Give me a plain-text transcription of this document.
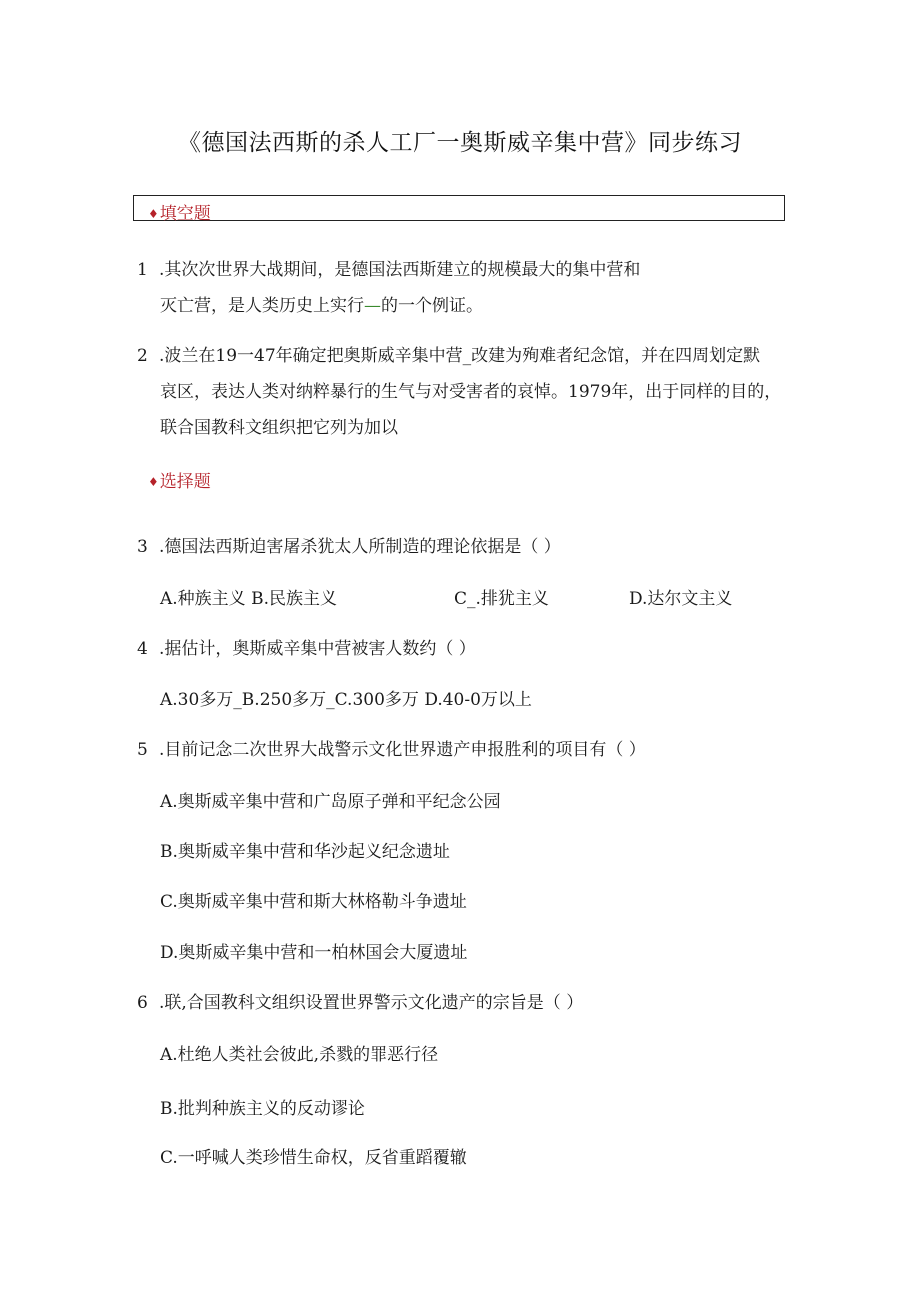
《德国法西斯的杀人工厂一奥斯威辛集中营》同步练习
♦填空题
1 .其次次世界大战期间，是德国法西斯建立的规模最大的集中营和
灭亡营，是人类历史上实行—的一个例证。
2 .波兰在19一47年确定把奥斯威辛集中营_改建为殉难者纪念馆，并在四周划定默
哀区，表达人类对纳粹暴行的生气与对受害者的哀悼。1979年，出于同样的目的，
联合国教科文组织把它列为加以
♦选择题
3 .德国法西斯迫害屠杀犹太人所制造的理论依据是（ ）
A.种族主义 B.民族主义	C_.排犹主义	D.达尔文主义
4 .据估计，奥斯威辛集中营被害人数约（ ）
A.30多万_B.250多万_C.300多万 D.40-0万以上
5 .目前记念二次世界大战警示文化世界遗产申报胜利的项目有（ ）
A.奥斯威辛集中营和广岛原子弹和平纪念公园
B.奥斯威辛集中营和华沙起义纪念遗址
C.奥斯威辛集中营和斯大林格勒斗争遗址
D.奥斯威辛集中营和一柏林国会大厦遗址
6 .联,合国教科文组织设置世界警示文化遗产的宗旨是（ ）
A.杜绝人类社会彼此,杀戮的罪恶行径
B.批判种族主义的反动谬论
C.一呼喊人类珍惜生命权，反省重蹈覆辙
